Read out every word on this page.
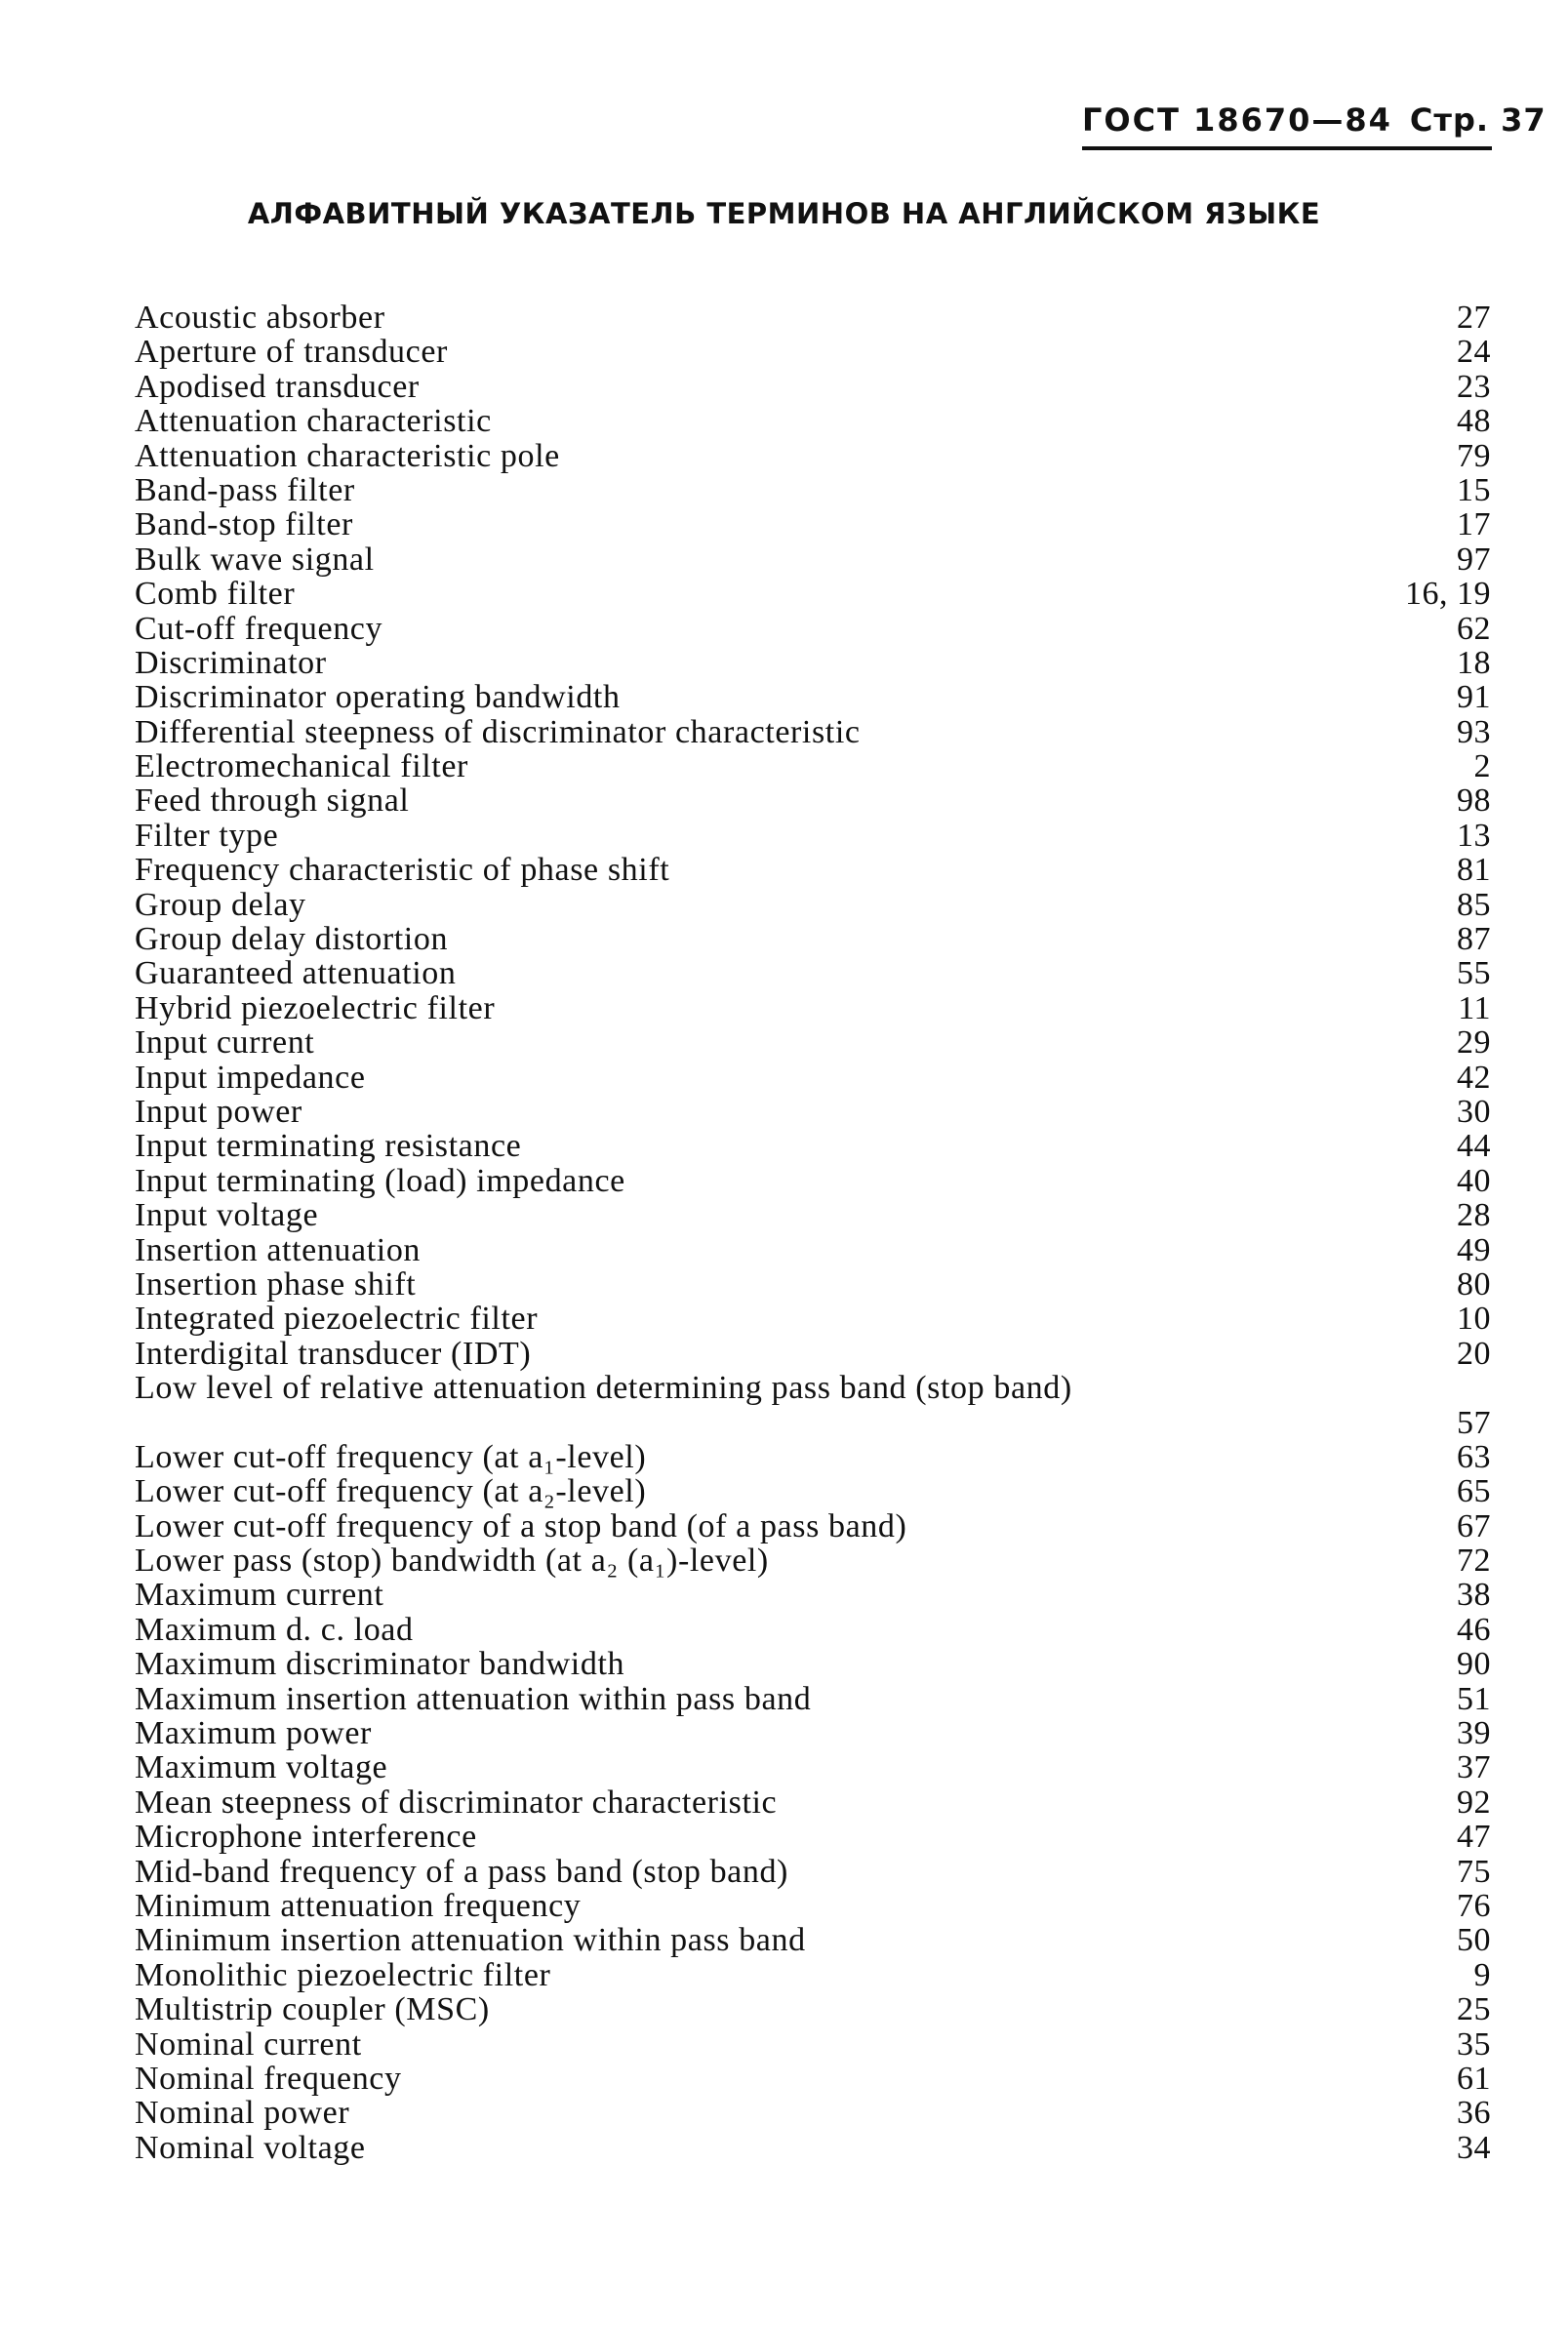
ГОСТ 18670—84 Стр. 37
АЛФАВИТНЫЙ УКАЗАТЕЛЬ ТЕРМИНОВ НА АНГЛИЙСКОМ ЯЗЫКЕ
Acoustic absorber	27
Aperture of transducer	24
Apodised transducer	23
Attenuation characteristic	48
Attenuation characteristic pole	79
Band-pass filter	15
Band-stop filter	17
Bulk wave signal	97
Comb filter	16, 19
Cut-off frequency	62
Discriminator	18
Discriminator operating bandwidth	91
Differential steepness of discriminator characteristic	93
Electromechanical filter	2
Feed through signal	98
Filter type	13
Frequency characteristic of phase shift	81
Group delay	85
Group delay distortion	87
Guaranteed attenuation	55
Hybrid piezoelectric filter	11
Input current	29
Input impedance	42
Input power	30
Input terminating resistance	44
Input terminating (load) impedance	40
Input voltage	28
Insertion attenuation	49
Insertion phase shift	80
Integrated piezoelectric filter	10
Interdigital transducer (IDT)	20
Low level of relative attenuation determining pass band (stop band)
57
Lower cut-off frequency (at a₁-level)	63
Lower cut-off frequency (at a₂-level)	65
Lower cut-off frequency of a stop band (of a pass band)	67
Lower pass (stop) bandwidth (at a₂ (a₁)-level)	72
Maximum current	38
Maximum d. c. load	46
Maximum discriminator bandwidth	90
Maximum insertion attenuation within pass band	51
Maximum power	39
Maximum voltage	37
Mean steepness of discriminator characteristic	92
Microphone interference	47
Mid-band frequency of a pass band (stop band)	75
Minimum attenuation frequency	76
Minimum insertion attenuation within pass band	50
Monolithic piezoelectric filter	9
Multistrip coupler (MSC)	25
Nominal current	35
Nominal frequency	61
Nominal power	36
Nominal voltage	34
